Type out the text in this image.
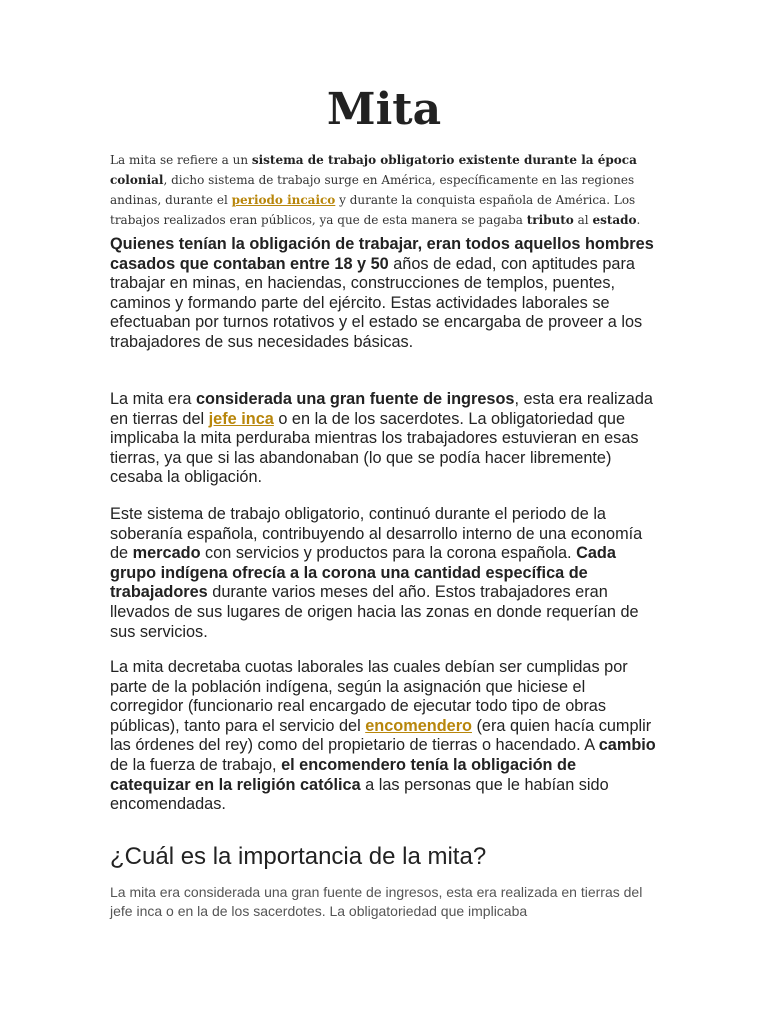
Mita

La mita se refiere a un sistema de trabajo obligatorio existente durante la época colonial, dicho sistema de trabajo surge en América, específicamente en las regiones andinas, durante el periodo incaico y durante la conquista española de América. Los trabajos realizados eran públicos, ya que de esta manera se pagaba tributo al estado.

Quienes tenían la obligación de trabajar, eran todos aquellos hombres casados que contaban entre 18 y 50 años de edad, con aptitudes para trabajar en minas, en haciendas, construcciones de templos, puentes, caminos y formando parte del ejército. Estas actividades laborales se efectuaban por turnos rotativos y el estado se encargaba de proveer a los trabajadores de sus necesidades básicas.

La mita era considerada una gran fuente de ingresos, esta era realizada en tierras del jefe inca o en la de los sacerdotes. La obligatoriedad que implicaba la mita perduraba mientras los trabajadores estuvieran en esas tierras, ya que si las abandonaban (lo que se podía hacer libremente) cesaba la obligación.

Este sistema de trabajo obligatorio, continuó durante el periodo de la soberanía española, contribuyendo al desarrollo interno de una economía de mercado con servicios y productos para la corona española. Cada grupo indígena ofrecía a la corona una cantidad específica de trabajadores durante varios meses del año. Estos trabajadores eran llevados de sus lugares de origen hacia las zonas en donde requerían de sus servicios.

La mita decretaba cuotas laborales las cuales debían ser cumplidas por parte de la población indígena, según la asignación que hiciese el corregidor (funcionario real encargado de ejecutar todo tipo de obras públicas), tanto para el servicio del encomendero (era quien hacía cumplir las órdenes del rey) como del propietario de tierras o hacendado. A cambio de la fuerza de trabajo, el encomendero tenía la obligación de catequizar en la religión católica a las personas que le habían sido encomendadas.

¿Cuál es la importancia de la mita?

La mita era considerada una gran fuente de ingresos, esta era realizada en tierras del jefe inca o en la de los sacerdotes. La obligatoriedad que implicaba
